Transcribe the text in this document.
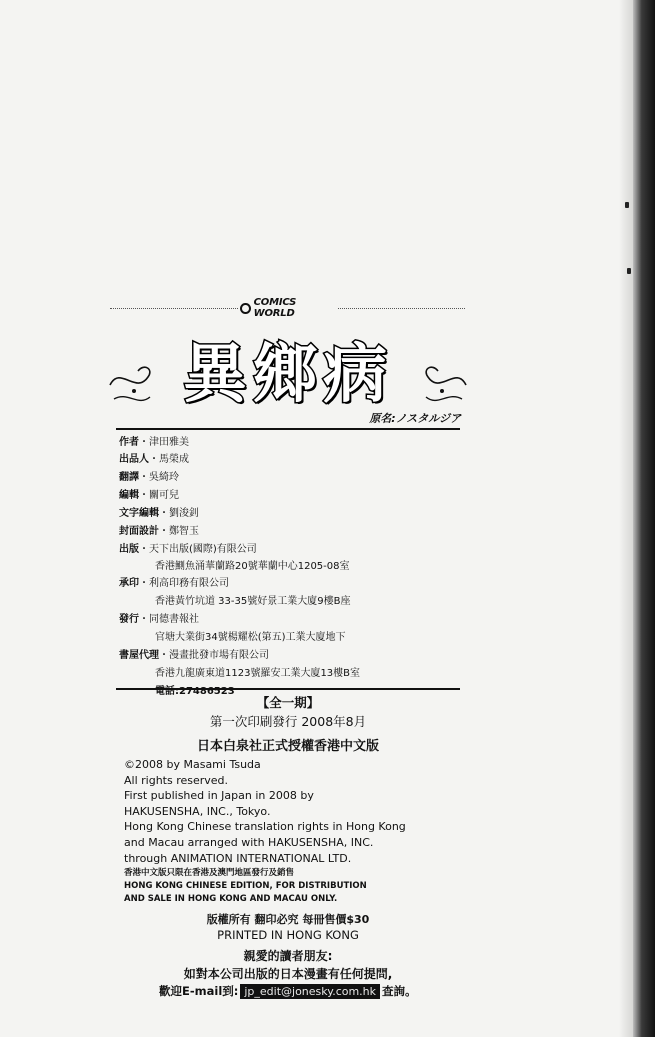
COMICS WORLD
異鄉病
原名:ノスタルジア
作者・津田雅美
出品人・馬榮成
翻譯・吳綺玲
編輯・關可兒
文字編輯・劉浚釗
封面設計・鄭智玉
出版・天下出版(國際)有限公司
香港鰂魚涌華蘭路20號華蘭中心1205-08室
承印・利高印務有限公司
香港黃竹坑道 33-35號好景工業大廈9樓B座
發行・同德書報社
官塘大業街34號楊耀松(第五)工業大廈地下
書屋代理・漫畫批發市場有限公司
香港九龍廣東道1123號羅安工業大廈13樓B室
電話:27486523
【全一期】
第一次印刷發行 2008年8月
日本白泉社正式授權香港中文版
©2008 by Masami Tsuda
All rights reserved.
First published in Japan in 2008 by
HAKUSENSHA, INC., Tokyo.
Hong Kong Chinese translation rights in Hong Kong
and Macau arranged with HAKUSENSHA, INC.
through ANIMATION INTERNATIONAL LTD.
香港中文版只限在香港及澳門地區發行及銷售
HONG KONG CHINESE EDITION, FOR DISTRIBUTION
AND SALE IN HONG KONG AND MACAU ONLY.
版權所有 翻印必究 每冊售價$30
PRINTED IN HONG KONG
親愛的讀者朋友:
如對本公司出版的日本漫畫有任何提問,
歡迎E-mail到: jp_edit@jonesky.com.hk 查詢。
